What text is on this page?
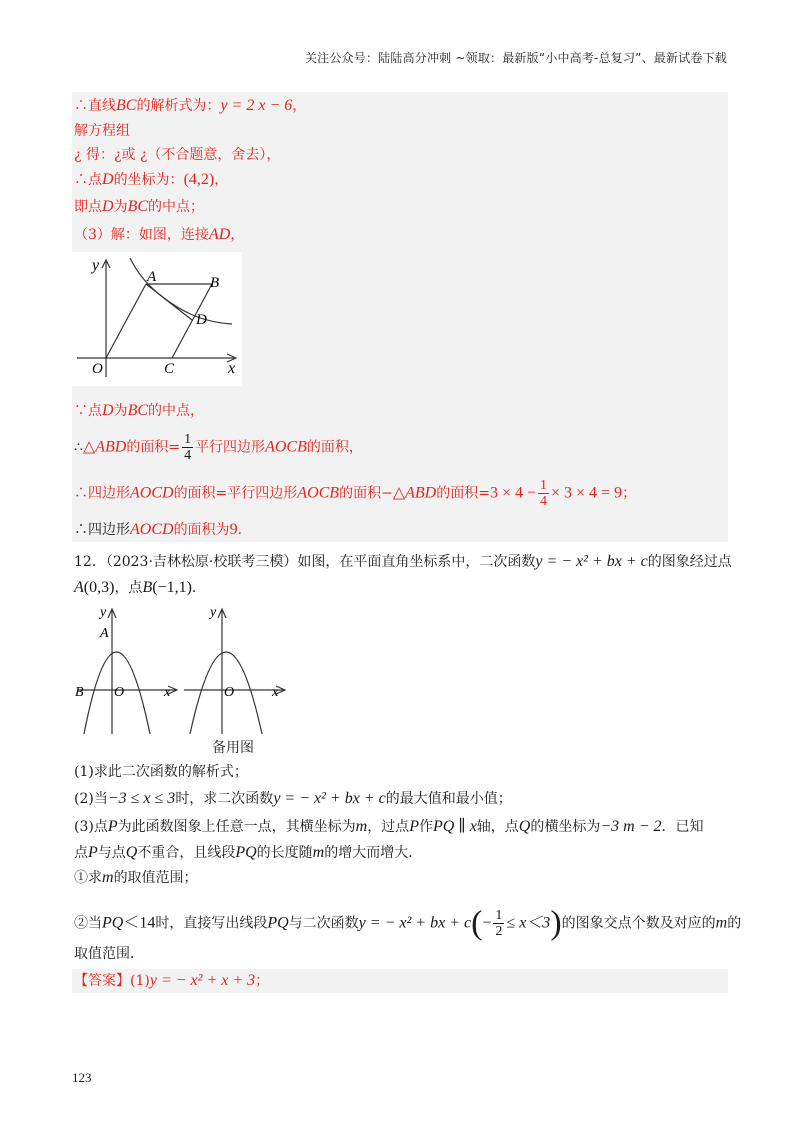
关注公众号：陆陆高分冲刺 ~领取：最新版“小中高考-总复习”、最新试卷下载
∴直线BC的解析式为：y = 2 x − 6，
解方程组
¿ 得：¿或 ¿（不合题意，舍去），
∴点D的坐标为：(4,2)，
即点D为BC的中点；
（3）解：如图，连接AD，
y
A	B
D
O	C	x
∵点D为BC的中点，
∴△ABD的面积= $\frac{1}{4}$ 平行四边形AOCB的面积，
∴四边形AOCD的面积=平行四边形AOCB的面积−△ABD的面积$=3 \times 4 - \frac{1}{4} \times 3 \times 4 = 9$；
∴四边形AOCD的面积为9．
12．（2023·吉林松原·校联考三模）如图，在平面直角坐标系中，二次函数y = − x² + bx + c的图象经过点
A(0,3)，点B(−1,1)．
y
A
B O	x
y
O	x
备用图
(1)求此二次函数的解析式；
(2)当−3 ≤ x ≤ 3时，求二次函数y = − x² + bx + c的最大值和最小值；
(3)点P为此函数图象上任意一点，其横坐标为m，过点P作PQ ∥ x轴，点Q的横坐标为−3 m − 2．已知
点P与点Q不重合，且线段PQ的长度随m的增大而增大．
①求m的取值范围；
②当PQ＜14时，直接写出线段PQ与二次函数y = − x² + bx + $c(- \frac{1}{2} \le x<3)$的图象交点个数及对应的m的
取值范围．
【答案】(1)y = − x² + x + 3；
123
